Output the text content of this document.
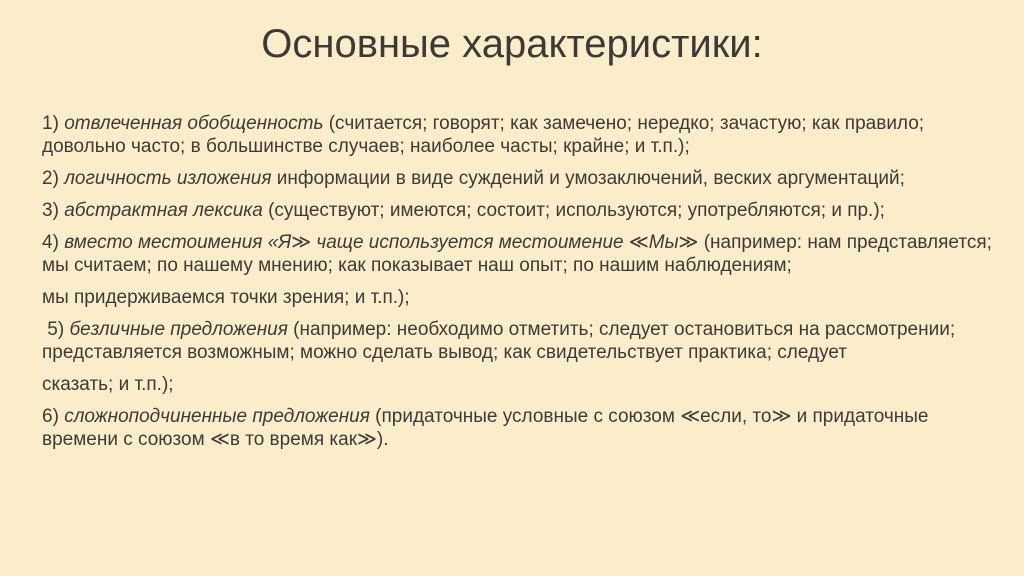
Основные характеристики:

1) отвлеченная обобщенность (считается; говорят; как замечено; нередко; зачастую; как правило; довольно часто; в большинстве случаев; наиболее часты; крайне; и т.п.);

2) логичность изложения информации в виде суждений и умозаключений, веских аргументаций;

3) абстрактная лексика (существуют; имеются; состоит; используются; употребляются; и пр.);

4) вместо местоимения «Я≫ чаще используется местоимение ≪Мы≫ (например: нам представляется; мы считаем; по нашему мнению; как показывает наш опыт; по нашим наблюдениям;

мы придерживаемся точки зрения; и т.п.);

5) безличные предложения (например: необходимо отметить; следует остановиться на рассмотрении; представляется возможным; можно сделать вывод; как свидетельствует практика; следует

сказать; и т.п.);

6) сложноподчиненные предложения (придаточные условные с союзом ≪если, то≫ и придаточные времени с союзом ≪в то время как≫).
